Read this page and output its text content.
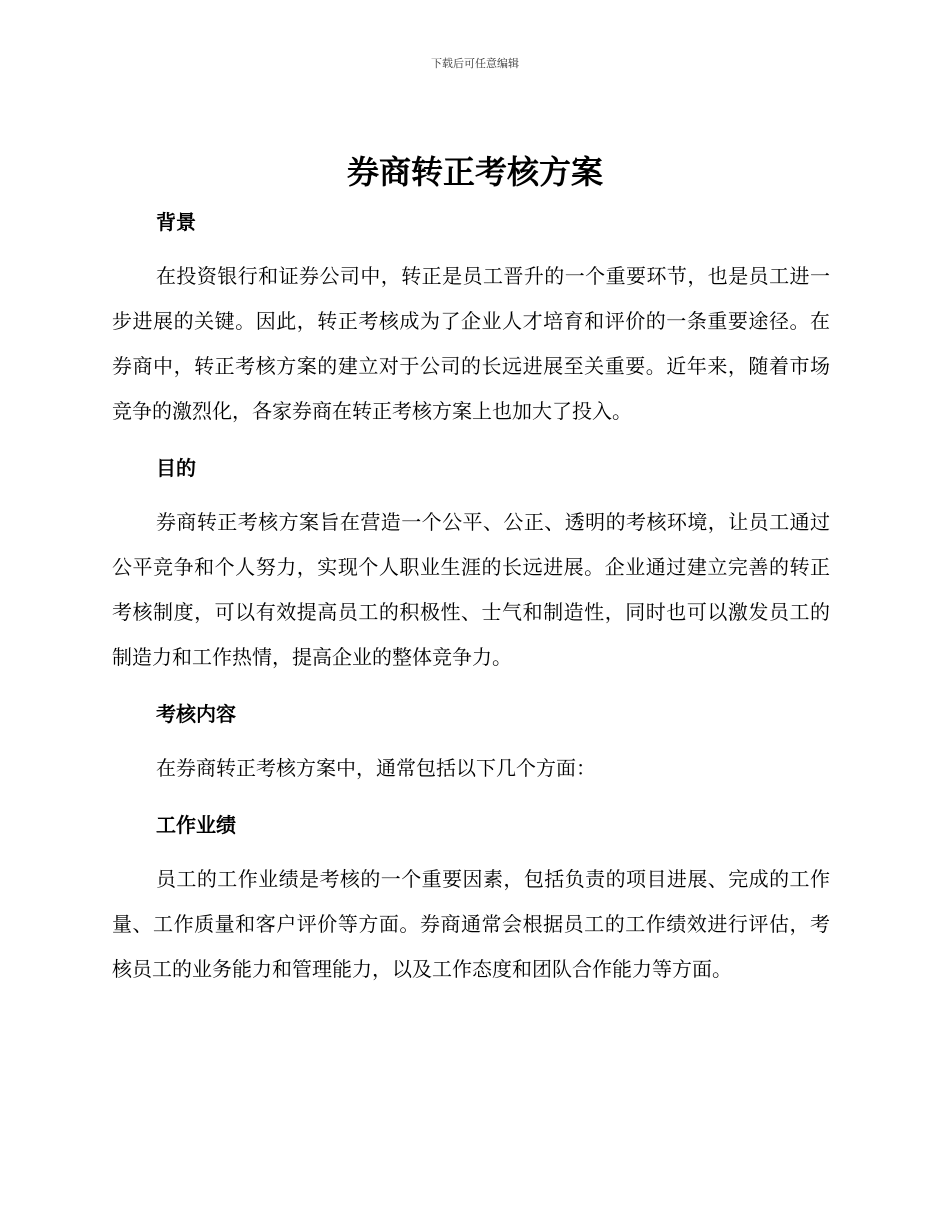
下载后可任意编辑
券商转正考核方案
背景

在投资银行和证券公司中，转正是员工晋升的一个重要环节，也是员工进一步进展的关键。因此，转正考核成为了企业人才培育和评价的一条重要途径。在券商中，转正考核方案的建立对于公司的长远进展至关重要。近年来，随着市场竞争的激烈化，各家券商在转正考核方案上也加大了投入。

目的

券商转正考核方案旨在营造一个公平、公正、透明的考核环境，让员工通过公平竞争和个人努力，实现个人职业生涯的长远进展。企业通过建立完善的转正考核制度，可以有效提高员工的积极性、士气和制造性，同时也可以激发员工的制造力和工作热情，提高企业的整体竞争力。

考核内容

在券商转正考核方案中，通常包括以下几个方面：

工作业绩

员工的工作业绩是考核的一个重要因素，包括负责的项目进展、完成的工作量、工作质量和客户评价等方面。券商通常会根据员工的工作绩效进行评估，考核员工的业务能力和管理能力，以及工作态度和团队合作能力等方面。
